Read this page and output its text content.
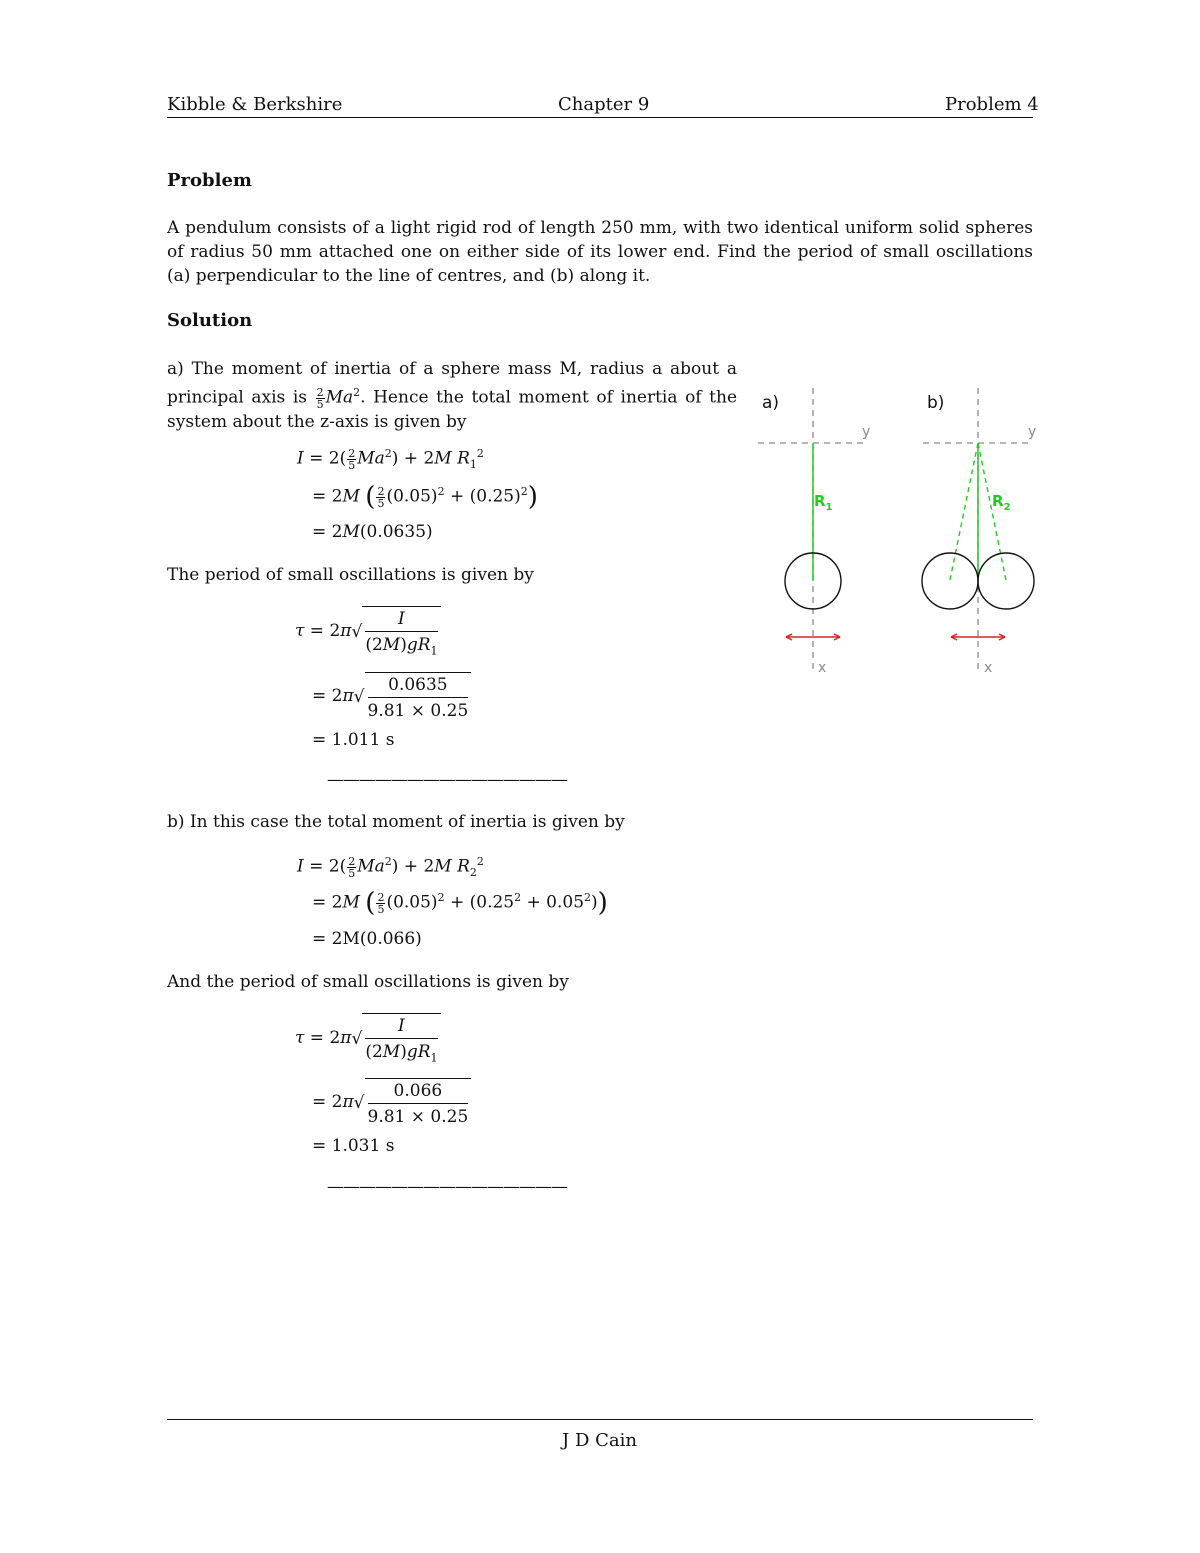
Kibble & Berkshire	Chapter 9	Problem 4
Problem
A pendulum consists of a light rigid rod of length 250 mm, with two identical uniform solid spheres of radius 50 mm attached one on either side of its lower end. Find the period of small oscillations (a) perpendicular to the line of centres, and (b) along it.
Solution
a) The moment of inertia of a sphere mass M, radius a about a principal axis is $\frac{2}{5} Ma^2$. Hence the total moment of inertia of the system about the z-axis is given by
$I = 2( \frac{2}{5} Ma^2) + 2M$ $R_1^2$
= 2M ( $\frac{2}{5} (0.05)^2 + (0.25)^2$)
= 2M(0.0635)
The period of small oscillations is given by
$\tau = 2\pi√ \frac{I}{(2M)gR_1}$
= $2\pi√ \frac{0.0635}{9.81 \times 0.25}$
= 1.011 s
———————————————
b) In this case the total moment of inertia is given by
$I = 2( \frac{2}{5} Ma^2) + 2M$ $R_2^2$
= 2M ( $\frac{2}{5} (0.05)^2 + (0.25^2 + 0.05^2)$)
= 2M(0.066)
And the period of small oscillations is given by
$\tau = 2\pi√ \frac{I}{(2M)gR_1}$
= $2\pi√ \frac{0.066}{9.81 \times 0.25}$
= 1.031 s
———————————————
a)	b)
y
x
$R_1$
y
x
$R_2$
J D Cain
